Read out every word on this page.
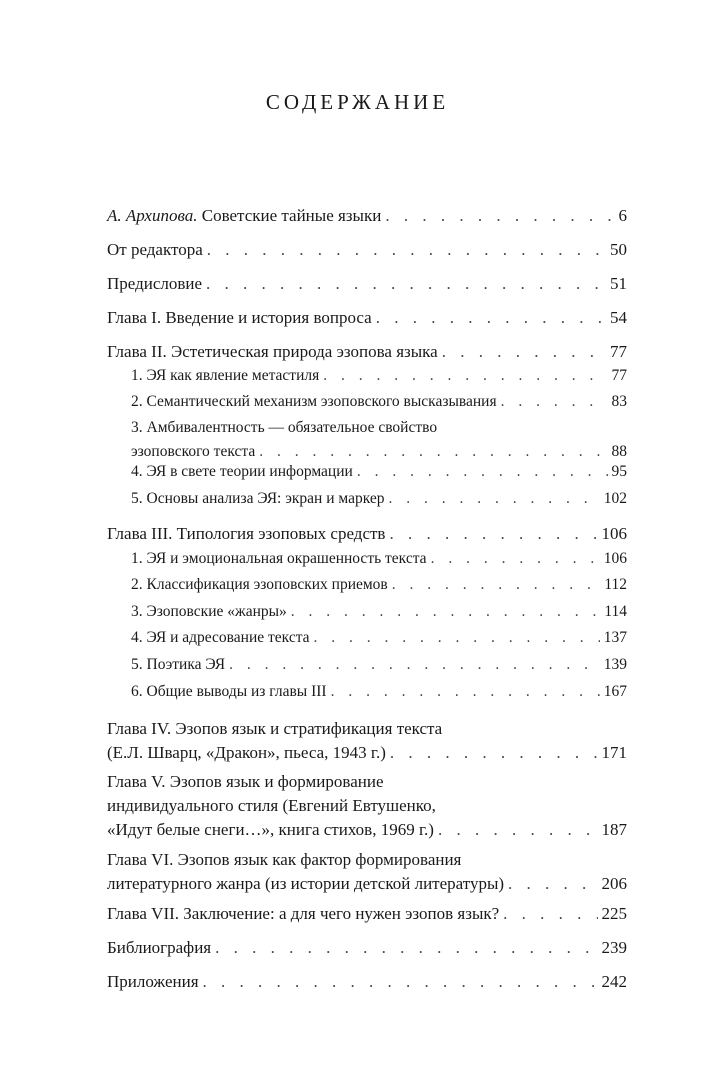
СОДЕРЖАНИЕ
А. Архипова. Советские тайные языки . . .	6
От редактора . . .	50
Предисловие . . .	51
Глава I. Введение и история вопроса . . .	54
Глава II. Эстетическая природа эзопова языка . . .	77
1. ЭЯ как явление метастиля . . .	77
2. Семантический механизм эзоповского высказывания . . .	83
3. Амбивалентность — обязательное свойство
эзоповского текста . . .	88
4. ЭЯ в свете теории информации . . .	95
5. Основы анализа ЭЯ: экран и маркер . . .	102
Глава III. Типология эзоповых средств . . .	106
1. ЭЯ и эмоциональная окрашенность текста . . .	106
2. Классификация эзоповских приемов . . .	112
3. Эзоповские «жанры» . . .	114
4. ЭЯ и адресование текста . . .	137
5. Поэтика ЭЯ . . .	139
6. Общие выводы из главы III . . .	167
Глава IV. Эзопов язык и стратификация текста
(Е.Л. Шварц, «Дракон», пьеса, 1943 г.) . . .	171
Глава V. Эзопов язык и формирование
индивидуального стиля (Евгений Евтушенко,
«Идут белые снеги…», книга стихов, 1969 г.) . . .	187
Глава VI. Эзопов язык как фактор формирования
литературного жанра (из истории детской литературы) . . .	206
Глава VII. Заключение: а для чего нужен эзопов язык? . . .	225
Библиография . . .	239
Приложения . . .	242
